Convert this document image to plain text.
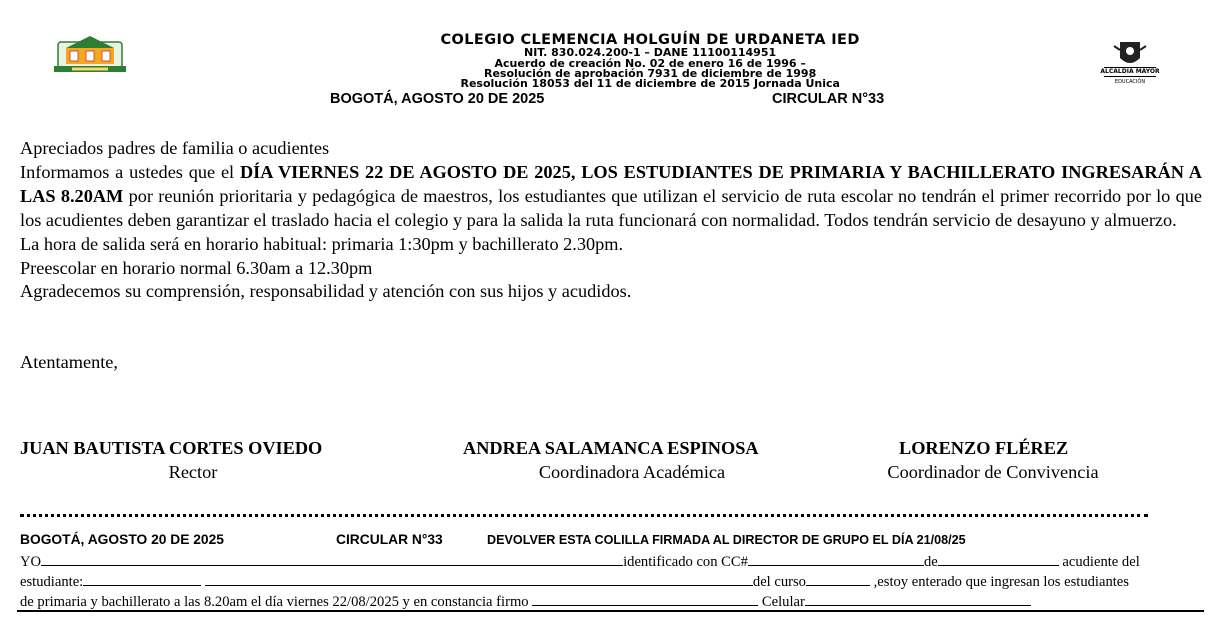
COLEGIO CLEMENCIA HOLGUÍN DE URDANETA IED
NIT. 830.024.200-1 – DANE 11100114951
Acuerdo de creación No. 02 de enero 16 de 1996 –
Resolución de aprobación 7931 de diciembre de 1998
Resolución 18053 del 11 de diciembre de 2015 Jornada Única
BOGOTÁ, AGOSTO 20 DE 2025	CIRCULAR N°33
ALCALDÍA MAYOR
EDUCACIÓN

Apreciados padres de familia o acudientes

Informamos a ustedes que el DÍA VIERNES 22 DE AGOSTO DE 2025, LOS ESTUDIANTES DE PRIMARIA Y BACHILLERATO INGRESARÁN A LAS 8.20AM por reunión prioritaria y pedagógica de maestros, los estudiantes que utilizan el servicio de ruta escolar no tendrán el primer recorrido por lo que los acudientes deben garantizar el traslado hacia el colegio y para la salida la ruta funcionará con normalidad. Todos tendrán servicio de desayuno y almuerzo.

La hora de salida será en horario habitual: primaria 1:30pm y bachillerato 2.30pm.

Preescolar en horario normal 6.30am a 12.30pm

Agradecemos su comprensión, responsabilidad y atención con sus hijos y acudidos.

Atentamente,
JUAN BAUTISTA CORTES OVIEDO
Rector
ANDREA SALAMANCA ESPINOSA
Coordinadora Académica
LORENZO FLÉREZ
Coordinador de Convivencia
BOGOTÁ, AGOSTO 20 DE 2025	CIRCULAR N°33	DEVOLVER ESTA COLILLA FIRMADA AL DIRECTOR DE GRUPO EL DÍA 21/08/25
YO	identificado con CC#	de	acudiente del
estudiante:	del curso	,estoy enterado que ingresan los estudiantes
de primaria y bachillerato a las 8.20am el día viernes 22/08/2025 y en constancia firmo	Celular
